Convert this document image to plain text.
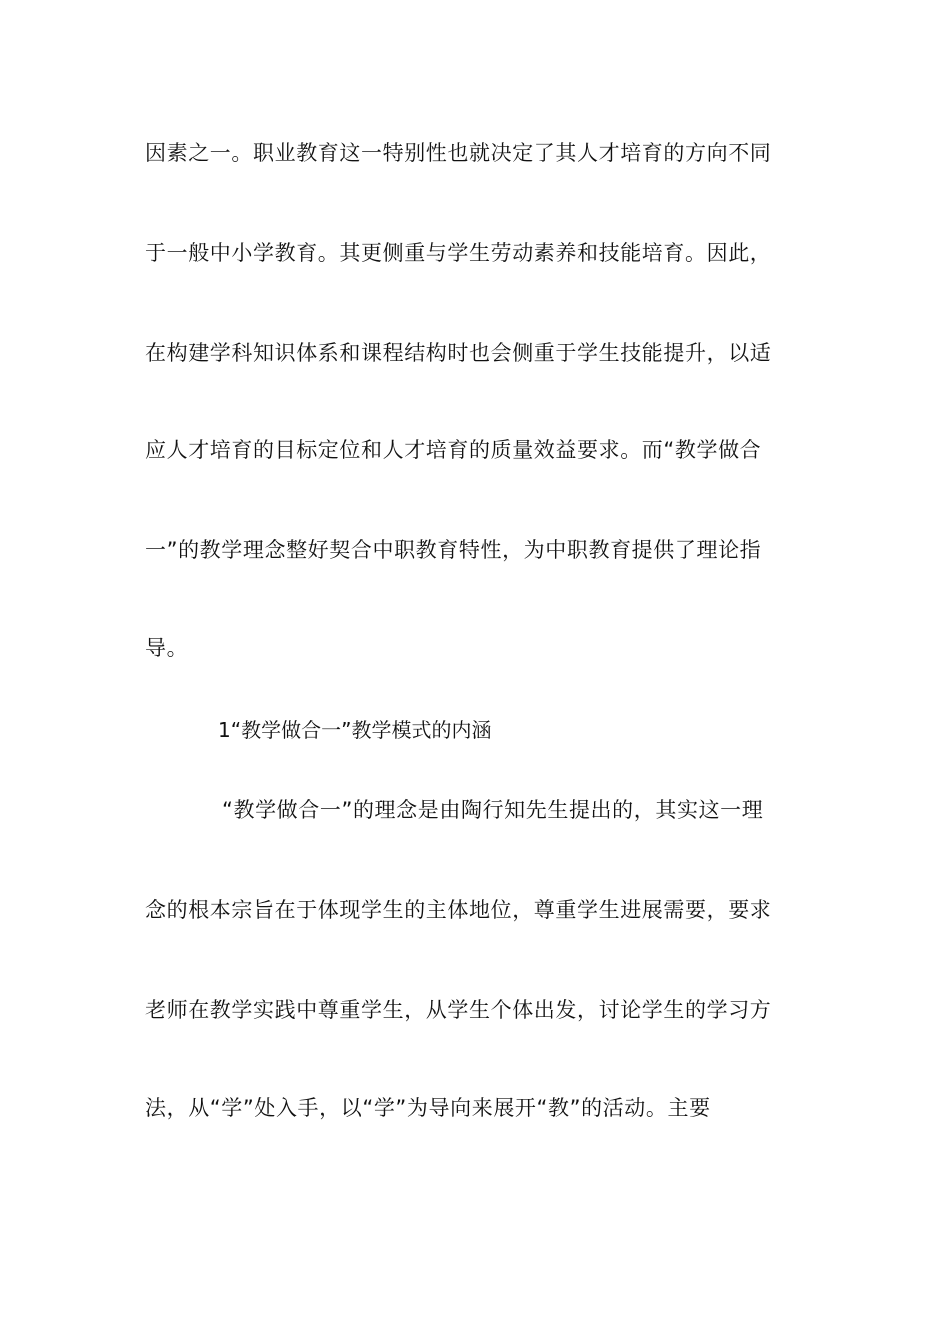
因素之一。职业教育这一特别性也就决定了其人才培育的方向不同
于一般中小学教育。其更侧重与学生劳动素养和技能培育。因此，
在构建学科知识体系和课程结构时也会侧重于学生技能提升，以适
应人才培育的目标定位和人才培育的质量效益要求。而“教学做合
一”的教学理念整好契合中职教育特性，为中职教育提供了理论指
导。
1“教学做合一”教学模式的内涵
“教学做合一”的理念是由陶行知先生提出的，其实这一理
念的根本宗旨在于体现学生的主体地位，尊重学生进展需要，要求
老师在教学实践中尊重学生，从学生个体出发，讨论学生的学习方
法，从“学”处入手，以“学”为导向来展开“教”的活动。主要
